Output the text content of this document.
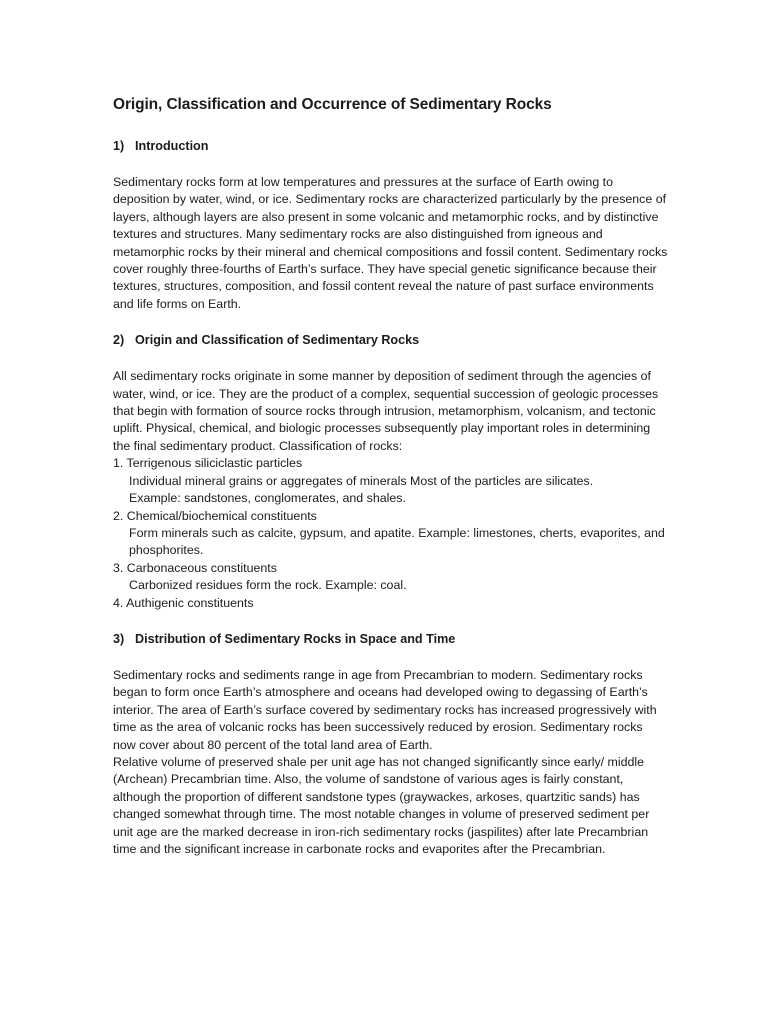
Origin, Classification and Occurrence of Sedimentary Rocks
1) Introduction

Sedimentary rocks form at low temperatures and pressures at the surface of Earth owing to deposition by water, wind, or ice. Sedimentary rocks are characterized particularly by the presence of layers, although layers are also present in some volcanic and metamorphic rocks, and by distinctive textures and structures. Many sedimentary rocks are also distinguished from igneous and metamorphic rocks by their mineral and chemical compositions and fossil content. Sedimentary rocks cover roughly three-fourths of Earth’s surface. They have special genetic significance because their textures, structures, composition, and fossil content reveal the nature of past surface environments and life forms on Earth.

2) Origin and Classification of Sedimentary Rocks

All sedimentary rocks originate in some manner by deposition of sediment through the agencies of water, wind, or ice. They are the product of a complex, sequential succession of geologic processes that begin with formation of source rocks through intrusion, metamorphism, volcanism, and tectonic uplift. Physical, chemical, and biologic processes subsequently play important roles in determining the final sedimentary product. Classification of rocks:

1. Terrigenous siliciclastic particles
Individual mineral grains or aggregates of minerals Most of the particles are silicates.
Example: sandstones, conglomerates, and shales.
2. Chemical/biochemical constituents
Form minerals such as calcite, gypsum, and apatite. Example: limestones, cherts, evaporites, and phosphorites.
3. Carbonaceous constituents
Carbonized residues form the rock. Example: coal.
4. Authigenic constituents
3) Distribution of Sedimentary Rocks in Space and Time

Sedimentary rocks and sediments range in age from Precambrian to modern. Sedimentary rocks began to form once Earth’s atmosphere and oceans had developed owing to degassing of Earth’s interior. The area of Earth’s surface covered by sedimentary rocks has increased progressively with time as the area of volcanic rocks has been successively reduced by erosion. Sedimentary rocks now cover about 80 percent of the total land area of Earth.

Relative volume of preserved shale per unit age has not changed significantly since early/ middle (Archean) Precambrian time. Also, the volume of sandstone of various ages is fairly constant, although the proportion of different sandstone types (graywackes, arkoses, quartzitic sands) has changed somewhat through time. The most notable changes in volume of preserved sediment per unit age are the marked decrease in iron-rich sedimentary rocks (jaspilites) after late Precambrian time and the significant increase in carbonate rocks and evaporites after the Precambrian.
